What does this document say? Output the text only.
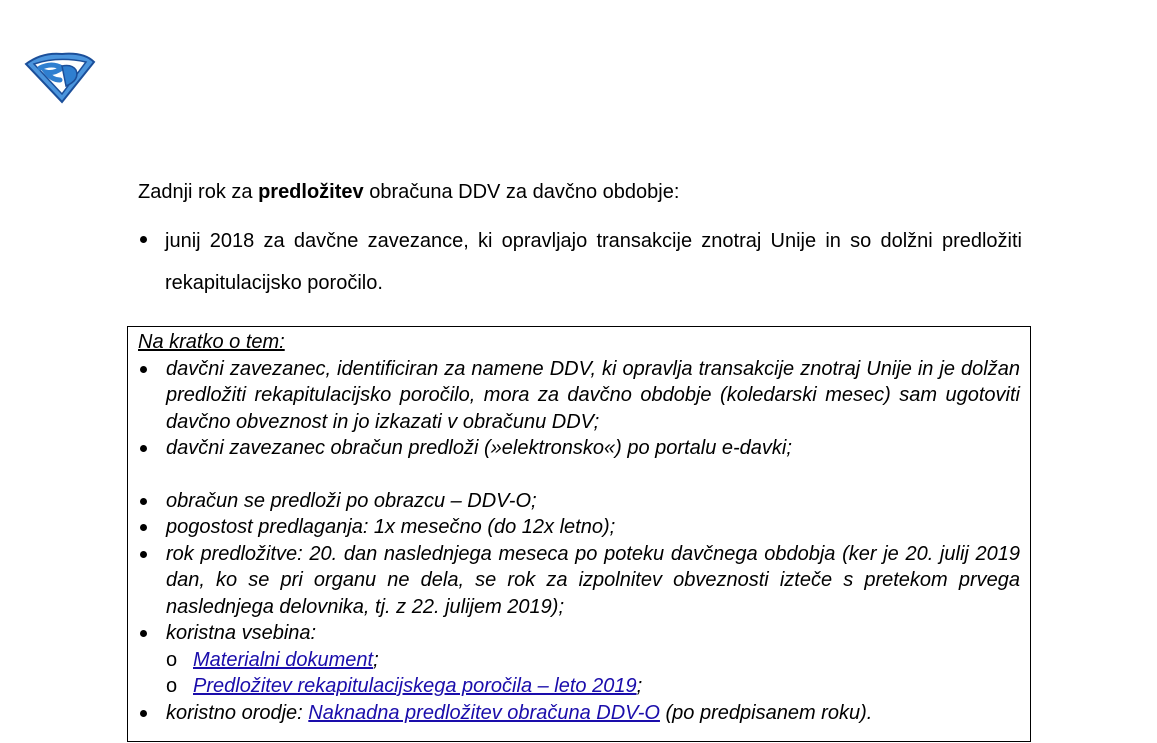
Zadnji rok za predložitev obračuna DDV za davčno obdobje:

junij 2018 za davčne zavezance, ki opravljajo transakcije znotraj Unije in so dolžni predložiti rekapitulacijsko poročilo.
Na kratko o tem:
davčni zavezanec, identificiran za namene DDV, ki opravlja transakcije znotraj Unije in je dolžan predložiti rekapitulacijsko poročilo, mora za davčno obdobje (koledarski mesec) sam ugotoviti davčno obveznost in jo izkazati v obračunu DDV;
davčni zavezanec obračun predloži (»elektronsko«) po portalu e-davki;
obračun se predloži po obrazcu – DDV-O;
pogostost predlaganja: 1x mesečno (do 12x letno);
rok predložitve: 20. dan naslednjega meseca po poteku davčnega obdobja (ker je 20. julij 2019 dan, ko se pri organu ne dela, se rok za izpolnitev obveznosti izteče s pretekom prvega naslednjega delovnika, tj. z 22. julijem 2019);
koristna vsebina:
o Materialni dokument;
o Predložitev rekapitulacijskega poročila – leto 2019;
koristno orodje: Naknadna predložitev obračuna DDV-O (po predpisanem roku).
